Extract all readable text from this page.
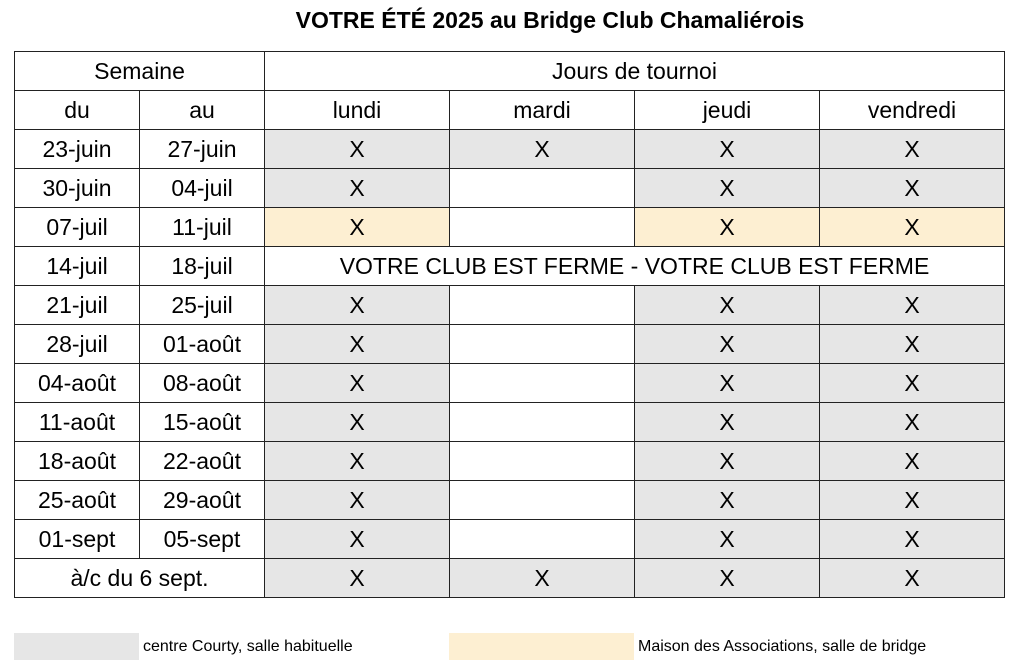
VOTRE ÉTÉ 2025 au Bridge Club Chamaliérois
Semaine		Jours de tournoi			
du	au	lundi	mardi	jeudi	vendredi
23-juin	27-juin	X	X	X	X
30-juin	04-juil	X		X	X
07-juil	11-juil	X		X	X
14-juil	18-juil	VOTRE CLUB EST FERME - VOTRE CLUB EST FERME			
21-juil	25-juil	X		X	X
28-juil	01-août	X		X	X
04-août	08-août	X		X	X
11-août	15-août	X		X	X
18-août	22-août	X		X	X
25-août	29-août	X		X	X
01-sept	05-sept	X		X	X
à/c du 6 sept.		X	X	X	X
centre Courty, salle habituelle	Maison des Associations, salle de bridge
